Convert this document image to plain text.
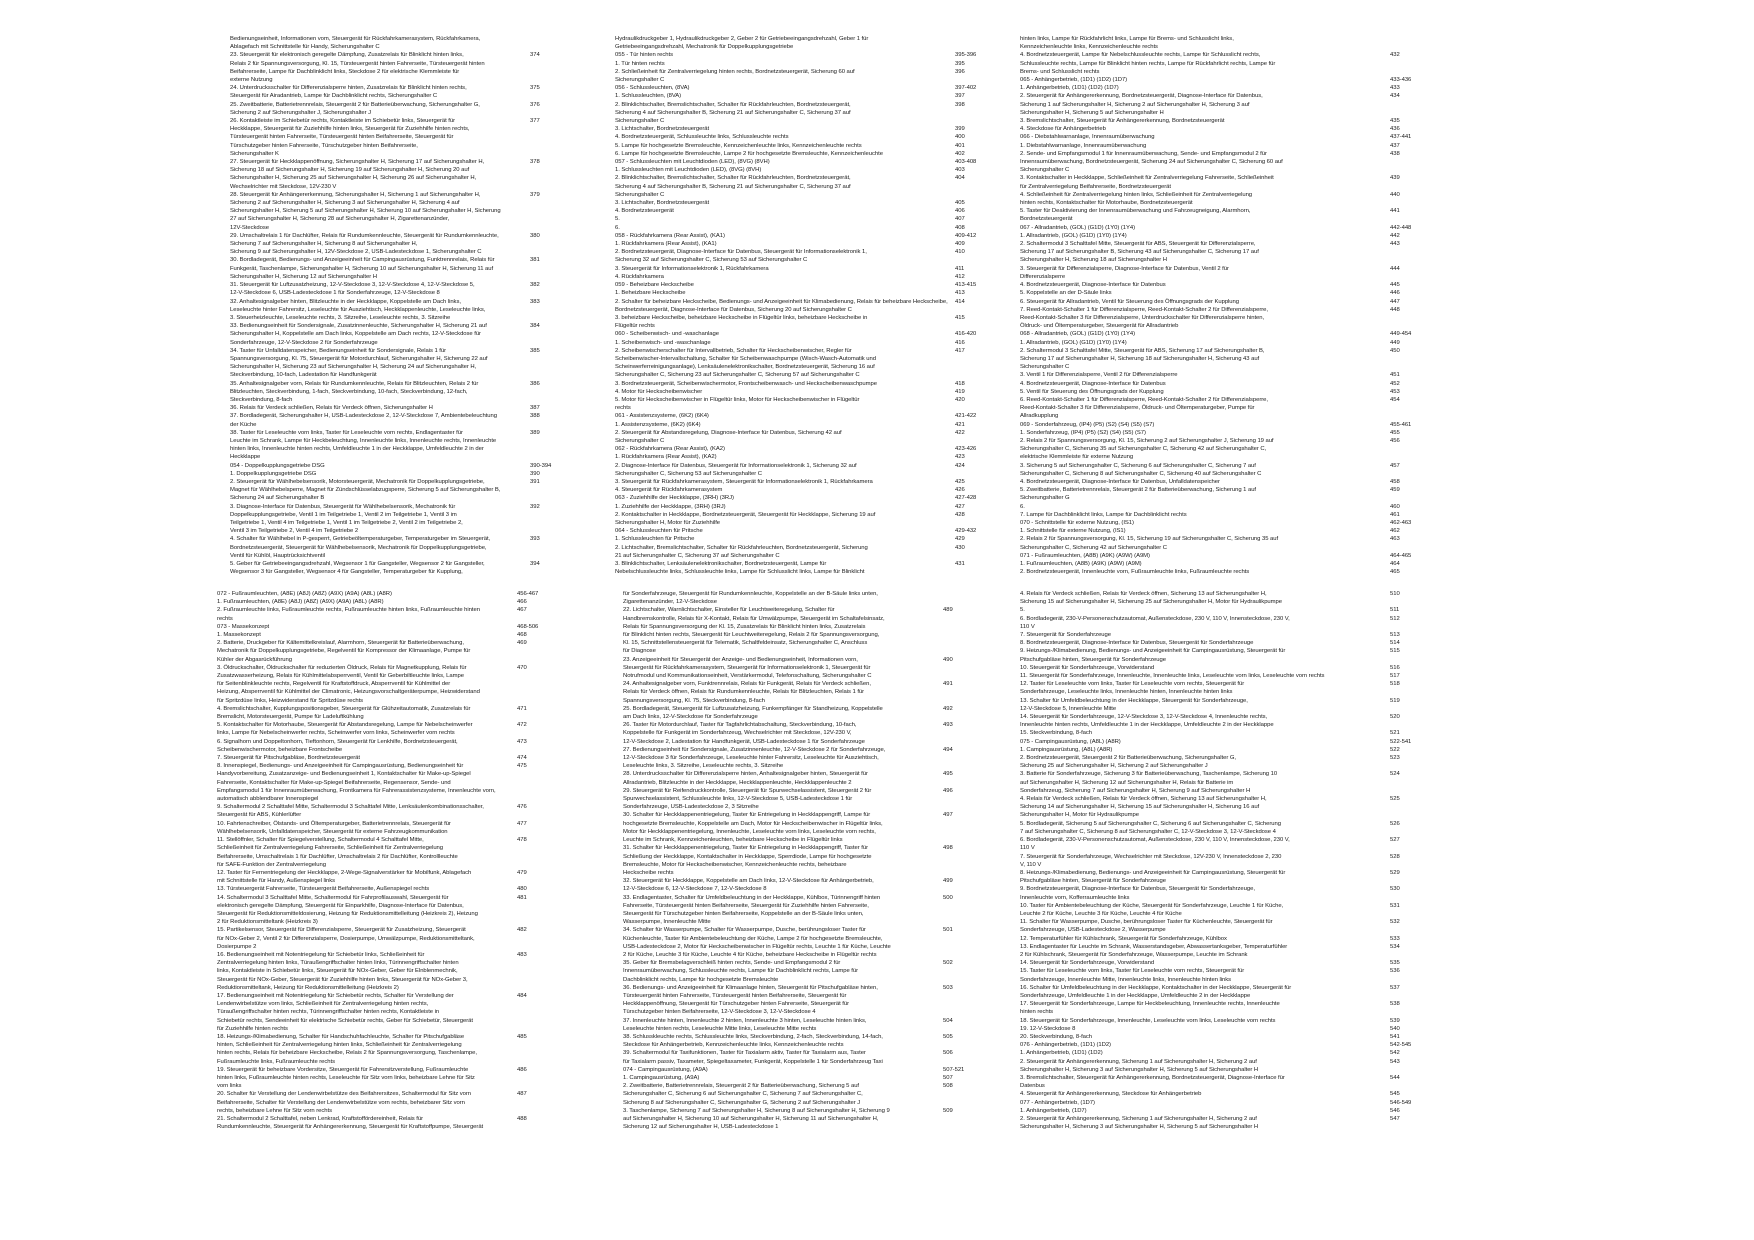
Bedienungseinheit, Informationen vom, Steuergerät für Rückfahrkamerasystem, Rückfahrkamera,
Ablagefach mit Schnittstelle für Handy, Sicherungshalter C
23. Steuergerät für elektronisch geregelte Dämpfung, Zusatzrelais für Blinklicht hinten links,	374
Relais 2 für Spannungsversorgung, Kl. 15, Türsteuergerät hinten Fahrerseite, Türsteuergerät hinten
Beifahrerseite, Lampe für Dachblinklicht links, Steckdose 2 für elektrische Klemmleiste für
externe Nutzung
24. Unterdrucksschalter für Differenzialsperre hinten, Zusatzrelais für Blinklicht hinten rechts,	375
Steuergerät für Airadantrieb, Lampe für Dachblinklicht rechts, Sicherungshalter C
25. Zweitbatterie, Batterietrennrelais, Steuergerät 2 für Batterieüberwachung, Sicherungshalter G,	376
Sicherung 2 auf Sicherungshalter J, Sicherungshalter J
26. Kontaktleiste im Schiebetür rechts, Kontaktleiste im Schiebetür links, Steuergerät für	377
Heckklappe, Steuergerät für Zuziehhilfe hinten links, Steuergerät für Zuziehhilfe hinten rechts,
Türsteuergerät hinten Fahrerseite, Türsteuergerät hinten Beifahrerseite, Steuergerät für
Türschutzgeber hinten Fahrerseite, Türschutzgeber hinten Beifahrerseite,
Sicherungshalter K
27. Steuergerät für Heckklappenöffnung, Sicherungshalter H, Sicherung 17 auf Sicherungshalter H,	378
Sicherung 18 auf Sicherungshalter H, Sicherung 19 auf Sicherungshalter H, Sicherung 20 auf
Sicherungshalter H, Sicherung 25 auf Sicherungshalter H, Sicherung 26 auf Sicherungshalter H,
Wechselrichter mit Steckdose, 12V-230 V
28. Steuergerät für Anhängererkennung, Sicherungshalter H, Sicherung 1 auf Sicherungshalter H,	379
Sicherung 2 auf Sicherungshalter H, Sicherung 3 auf Sicherungshalter H, Sicherung 4 auf
Sicherungshalter H, Sicherung 5 auf Sicherungshalter H, Sicherung 10 auf Sicherungshalter H, Sicherung
27 auf Sicherungshalter H, Sicherung 28 auf Sicherungshalter H, Zigarettenanzünder,
12V-Steckdose
29. Umschaltrelais 1 für Dachlüfter, Relais für Rundumkennleuchte, Steuergerät für Rundumkennleuchte,	380
Sicherung 7 auf Sicherungshalter H, Sicherung 8 auf Sicherungshalter H,
Sicherung 9 auf Sicherungshalter H, 12V-Steckdose 2, USB-Ladesteckdose 1, Sicherungshalter C
30. Bordladegerät, Bedienungs- und Anzeigeeinheit für Campingausrüstung, Funktrennrelais, Relais für	381
Funkgerät, Taschenlampe, Sicherungshalter H, Sicherung 10 auf Sicherungshalter H, Sicherung 11 auf
Sicherungshalter H, Sicherung 12 auf Sicherungshalter H
31. Steuergerät für Luftzusatzheizung, 12-V-Steckdose 3, 12-V-Steckdose 4, 12-V-Steckdose 5,	382
12-V-Steckdose 6, USB-Ladesteckdose 1 für Sonderfahrzeuge, 12-V-Steckdose 8
32. Anhaltesignalgeber hinten, Blitzleuchte in der Heckklappe, Koppelstelle am Dach links,	383
Leseleuchte hinter Fahrersitz, Leseleuchte für Ausziehtisch, Heckklappenleuchte, Leseleuchte links,
3. Steuerheizleuchte, Leseleuchte rechts, 3. Sitzreihe, Leseleuchte rechts, 3. Sitzreihe
33. Bedienungseinheit für Sondersignale, Zusatzinnenleuchte, Sicherungshalter H, Sicherung 21 auf	384
Sicherungshalter H, Koppelstelle am Dach links, Koppelstelle am Dach rechts, 12-V-Steckdose für
Sonderfahrzeuge, 12-V-Steckdose 2 für Sonderfahrzeuge
34. Taster für Unfalldatenspeicher, Bedienungseinheit für Sondersignale, Relais 1 für	385
Spannungsversorgung, Kl. 75, Steuergerät für Motordurchlauf, Sicherungshalter H, Sicherung 22 auf
Sicherungshalter H, Sicherung 23 auf Sicherungshalter H, Sicherung 24 auf Sicherungshalter H,
Steckverbindung, 10-fach, Ladestation für Handfunkgerät
35. Anhaltesignalgeber vorn, Relais für Rundumkennleuchte, Relais für Blitzleuchten, Relais 2 für	386
Blitzleuchten, Steckverbindung, 1-fach, Steckverbindung, 10-fach, Steckverbindung, 12-fach,
Steckverbindung, 8-fach
36. Relais für Verdeck schließen, Relais für Verdeck öffnen, Sicherungshalter H	387
37. Bordladegerät, Sicherungshalter H, USB-Ladesteckdose 2, 12-V-Steckdose 7, Ambientebeleuchtung	388
der Küche
38. Taster für Leseleuchte vorn links, Taster für Leseleuchte vorn rechts, Endlagentaster für	389
Leuchte im Schrank, Lampe für Heckbeleuchtung, Innenleuchte links, Innenleuchte rechts, Innenleuchte
hinten links, Innenleuchte hinten rechts, Umfeldleuchte 1 in der Heckklappe, Umfeldleuchte 2 in der
Heckklappe
054 - Doppelkupplungsgetriebe DSG	390-394
1. Doppelkupplungsgetriebe DSG	390
2. Steuergerät für Wählhebelsensorik, Motorsteuergerät, Mechatronik für Doppelkupplungsgetriebe,	391
Magnet für Wählhebelsperre, Magnet für Zündschlüsselabzugsperre, Sicherung 5 auf Sicherungshalter B,
Sicherung 24 auf Sicherungshalter B
3. Diagnose-Interface für Datenbus, Steuergerät für Wählhebelsensorik, Mechatronik für	392
Doppelkupplungsgetriebe, Ventil 1 im Teilgetriebe 1, Ventil 2 im Teilgetriebe 1, Ventil 3 im
Teilgetriebe 1, Ventil 4 im Teilgetriebe 1, Ventil 1 im Teilgetriebe 2, Ventil 2 im Teilgetriebe 2,
Ventil 3 im Teilgetriebe 2, Ventil 4 im Teilgetriebe 2
4. Schalter für Wählhebel in P-gesperrt, Getriebeöltemperaturgeber, Temperaturgeber im Steuergerät,	393
Bordnetzsteuergerät, Steuergerät für Wählhebelsensorik, Mechatronik für Doppelkupplungsgetriebe,
Ventil für Kühlöl, Hauptrücksichtventil
5. Geber für Getriebeeingangsdrehzahl, Wegsensor 1 für Gangsteller, Wegsensor 2 für Gangsteller,	394
Wegsensor 3 für Gangsteller, Wegsensor 4 für Gangsteller, Temperaturgeber für Kupplung,
Hydraulikdruckgeber 1, Hydraulikdruckgeber 2, Geber 2 für Getriebeeingangsdrehzahl, Geber 1 für
Getriebeeingangsdrehzahl, Mechatronik für Doppelkupplungsgetriebe
055 - Tür hinten rechts	395-396
1. Tür hinten rechts	395
2. Schließeinheit für Zentralverriegelung hinten rechts, Bordnetzsteuergerät, Sicherung 60 auf	396
Sicherungshalter C
056 - Schlussleuchten, (8VA)	397-402
1. Schlussleuchten, (8VA)	397
2. Blinklichtschalter, Bremslichtschalter, Schalter für Rückfahrleuchten, Bordnetzsteuergerät,	398
Sicherung 4 auf Sicherungshalter B, Sicherung 21 auf Sicherungshalter C, Sicherung 37 auf
Sicherungshalter C
3. Lichtschalter, Bordnetzsteuergerät	399
4. Bordnetzsteuergerät, Schlussleuchte links, Schlussleuchte rechts	400
5. Lampe für hochgesetzte Bremsleuchte, Kennzeichenleuchte links, Kennzeichenleuchte rechts	401
6. Lampe für hochgesetzte Bremsleuchte, Lampe 2 für hochgesetzte Bremsleuchte, Kennzeichenleuchte	402
057 - Schlussleuchten mit Leuchtdioden (LED), (8VG) (8VH)	403-408
1. Schlussleuchten mit Leuchtdioden (LED), (8VG) (8VH)	403
2. Blinklichtschalter, Bremslichtschalter, Schalter für Rückfahrleuchten, Bordnetzsteuergerät,	404
Sicherung 4 auf Sicherungshalter B, Sicherung 21 auf Sicherungshalter C, Sicherung 37 auf
Sicherungshalter C
3. Lichtschalter, Bordnetzsteuergerät	405
4. Bordnetzsteuergerät	406
5.	407
6.	408
058 - Rückfahrkamera (Rear Assist), (KA1)	409-412
1. Rückfahrkamera (Rear Assist), (KA1)	409
2. Bordnetzsteuergerät, Diagnose-Interface für Datenbus, Steuergerät für Informationselektronik 1,	410
Sicherung 32 auf Sicherungshalter C, Sicherung 53 auf Sicherungshalter C
3. Steuergerät für Informationselektronik 1, Rückfahrkamera	411
4. Rückfahrkamera	412
059 - Beheizbare Heckscheibe	413-415
1. Beheizbare Heckscheibe	413
2. Schalter für beheizbare Heckscheibe, Bedienungs- und Anzeigeeinheit für Klimabedienung, Relais für beheizbare Heckscheibe,	414
Bordnetzsteuergerät, Diagnose-Interface für Datenbus, Sicherung 20 auf Sicherungshalter C
3. beheizbare Heckscheibe, beheizbare Heckscheibe in Flügeltür links, beheizbare Heckscheibe in	415
Flügeltür rechts
060 - Scheibenwisch- und -waschanlage	416-420
1. Scheibenwisch- und -waschanlage	416
2. Scheibenwischerschalter für Intervallbetrieb, Schalter für Heckscheibenwischer, Regler für	417
Scheibenwischer-Intervallschaltung, Schalter für Scheibenwaschpumpe (Wisch-Wasch-Automatik und
Scheinwerferreinigungsanlage), Lenksäulenelektronikschalter, Bordnetzsteuergerät, Sicherung 16 auf
Sicherungshalter C, Sicherung 23 auf Sicherungshalter C, Sicherung 57 auf Sicherungshalter C
3. Bordnetzsteuergerät, Scheibenwischermotor, Frontscheibenwasch- und Heckscheibenwaschpumpe	418
4. Motor für Heckscheibenwischer	419
5. Motor für Heckscheibenwischer in Flügeltür links, Motor für Heckscheibenwischer in Flügeltür	420
rechts
061 - Assistenzsysteme, (6K2) (6K4)	421-422
1. Assistenzsysteme, (6K2) (6K4)	421
2. Steuergerät für Abstandsregelung, Diagnose-Interface für Datenbus, Sicherung 42 auf	422
Sicherungshalter C
062 - Rückfahrkamera (Rear Assist), (KA2)	423-426
1. Rückfahrkamera (Rear Assist), (KA2)	423
2. Diagnose-Interface für Datenbus, Steuergerät für Informationselektronik 1, Sicherung 32 auf	424
Sicherungshalter C, Sicherung 53 auf Sicherungshalter C
3. Steuergerät für Rückfahrkamerasystem, Steuergerät für Informationselektronik 1, Rückfahrkamera	425
4. Steuergerät für Rückfahrkamerasystem	426
063 - Zuziehhilfe der Heckklappe, (3RH) (3RJ)	427-428
1. Zuziehhilfe der Heckklappe, (3RH) (3RJ)	427
2. Kontaktschalter in Heckklappe, Bordnetzsteuergerät, Steuergerät für Heckklappe, Sicherung 19 auf	428
Sicherungshalter H, Motor für Zuziehhilfe
064 - Schlussleuchten für Pritsche	429-432
1. Schlussleuchten für Pritsche	429
2. Lichtschalter, Bremslichtschalter, Schalter für Rückfahrleuchten, Bordnetzsteuergerät, Sicherung	430
21 auf Sicherungshalter C, Sicherung 37 auf Sicherungshalter C
3. Blinklichtschalter, Lenksäulenelektronikschalter, Bordnetzsteuergerät, Lampe für	431
Nebelschlussleuchte links, Schlussleuchte links, Lampe für Schlusslicht links, Lampe für Blinklicht
hinten links, Lampe für Rückfahrlicht links, Lampe für Brems- und Schlusslicht links,
Kennzeichenleuchte links, Kennzeichenleuchte rechts
4. Bordnetzsteuergerät, Lampe für Nebelschlussleuchte rechts, Lampe für Schlusslicht rechts,	432
Schlussleuchte rechts, Lampe für Blinklicht hinten rechts, Lampe für Rückfahrlicht rechts, Lampe für
Brems- und Schlusslicht rechts
065 - Anhängerbetrieb, (1D1) (1D2) (1D7)	433-436
1. Anhängerbetrieb, (1D1) (1D2) (1D7)	433
2. Steuergerät für Anhängererkennung, Bordnetzsteuergerät, Diagnose-Interface für Datenbus,	434
Sicherung 1 auf Sicherungshalter H, Sicherung 2 auf Sicherungshalter H, Sicherung 3 auf
Sicherungshalter H, Sicherung 5 auf Sicherungshalter H
3. Bremslichtschalter, Steuergerät für Anhängererkennung, Bordnetzsteuergerät	435
4. Steckdose für Anhängerbetrieb	436
066 - Diebstahlwarnanlage, Innenraumüberwachung	437-441
1. Diebstahlwarnanlage, Innenraumüberwachung	437
2. Sende- und Empfangsmodul 1 für Innenraumüberwachung, Sende- und Empfangsmodul 2 für	438
Innenraumüberwachung, Bordnetzsteuergerät, Sicherung 24 auf Sicherungshalter C, Sicherung 60 auf
Sicherungshalter C
3. Kontaktschalter in Heckklappe, Schließeinheit für Zentralverriegelung Fahrerseite, Schließeinheit	439
für Zentralverriegelung Beifahrerseite, Bordnetzsteuergerät
4. Schließeinheit für Zentralverriegelung hinten links, Schließeinheit für Zentralverriegelung	440
hinten rechts, Kontaktschalter für Motorhaube, Bordnetzsteuergerät
5. Taster für Deaktivierung der Innenraumüberwachung und Fahrzeugneigung, Alarmhorn,	441
Bordnetzsteuergerät
067 - Allradantrieb, (GOL) (G1D) (1Y0) (1Y4)	442-448
1. Allradantrieb, (GOL) (G1D) (1Y0) (1Y4)	442
2. Schaltermodul 3 Schalttafel Mitte, Steuergerät für ABS, Steuergerät für Differenzialsperre,	443
Sicherung 17 auf Sicherungshalter B, Sicherung 43 auf Sicherungshalter C, Sicherung 17 auf
Sicherungshalter H, Sicherung 18 auf Sicherungshalter H
3. Steuergerät für Differenzialsperre, Diagnose-Interface für Datenbus, Ventil 2 für	444
Differenzialsperre
4. Bordnetzsteuergerät, Diagnose-Interface für Datenbus	445
5. Koppelstelle an der D-Säule links	446
6. Steuergerät für Allradantrieb, Ventil für Steuerung des Öffnungsgrads der Kupplung	447
7. Reed-Kontakt-Schalter 1 für Differenzialsperre, Reed-Kontakt-Schalter 2 für Differenzialsperre,	448
Reed-Kontakt-Schalter 3 für Differenzialsperre, Unterdruckschalter für Differenzialsperre hinten,
Öldruck- und Öltemperaturgeber, Steuergerät für Allradantrieb
068 - Allradantrieb, (GOL) (G1D) (1Y0) (1Y4)	449-454
1. Allradantrieb, (GOL) (G1D) (1Y0) (1Y4)	449
2. Schaltermodul 3 Schalttafel Mitte, Steuergerät für ABS, Sicherung 17 auf Sicherungshalter B,	450
Sicherung 17 auf Sicherungshalter H, Sicherung 18 auf Sicherungshalter H, Sicherung 43 auf
Sicherungshalter C
3. Ventil 1 für Differenzialsperre, Ventil 2 für Differenzialsperre	451
4. Bordnetzsteuergerät, Diagnose-Interface für Datenbus	452
5. Ventil für Steuerung des Öffnungsgrads der Kupplung	453
6. Reed-Kontakt-Schalter 1 für Differenzialsperre, Reed-Kontakt-Schalter 2 für Differenzialsperre,	454
Reed-Kontakt-Schalter 3 für Differenzialsperre, Öldruck- und Öltemperaturgeber, Pumpe für
Allradkupplung
069 - Sonderfahrzeug, (IP4) (P5) (S2) (S4) (S5) (S7)	455-461
1. Sonderfahrzeug, (IP4) (P5) (S2) (S4) (S5) (S7)	455
2. Relais 2 für Spannungsversorgung, Kl. 15, Sicherung 2 auf Sicherungshalter J, Sicherung 19 auf	456
Sicherungshalter C, Sicherung 35 auf Sicherungshalter C, Sicherung 42 auf Sicherungshalter C,
elektrische Klemmleiste für externe Nutzung
3. Sicherung 5 auf Sicherungshalter C, Sicherung 6 auf Sicherungshalter C, Sicherung 7 auf	457
Sicherungshalter C, Sicherung 8 auf Sicherungshalter C, Sicherung 40 auf Sicherungshalter C
4. Bordnetzsteuergerät, Diagnose-Interface für Datenbus, Unfalldatenspeicher	458
5. Zweitbatterie, Batterietrennrelais, Steuergerät 2 für Batterieüberwachung, Sicherung 1 auf	459
Sicherungshalter G
6.	460
7. Lampe für Dachblinklicht links, Lampe für Dachblinklicht rechts	461
070 - Schnittstelle für externe Nutzung, (IS1)	462-463
1. Schnittstelle für externe Nutzung, (IS1)	462
2. Relais 2 für Spannungsversorgung, Kl. 15, Sicherung 19 auf Sicherungshalter C, Sicherung 35 auf	463
Sicherungshalter C, Sicherung 42 auf Sicherungshalter C
071 - Fußraumleuchten, (A8B) (A9K) (A9W) (A9M)	464-465
1. Fußraumleuchten, (A8B) (A9K) (A9W) (A9M)	464
2. Bordnetzsteuergerät, Innenleuchte vorn, Fußraumleuchte links, Fußraumleuchte rechts	465
072 - Fußraumleuchten, (A8E) (A8J) (A8Z) (A9X) (A9A) (A8L) (A8R)	456-467
1. Fußraumleuchten, (A8E) (A8J) (A8Z) (A9X) (A9A) (A8L) (A8R)	466
2. Fußraumleuchte links, Fußraumleuchte rechts, Fußraumleuchte hinten links, Fußraumleuchte hinten	467
rechts
073 - Massekonzept	468-506
1. Massekonzept	468
2. Batterie, Druckgeber für Kältemittelkreislauf, Alarmhorn, Steuergerät für Batterieüberwachung,	469
Mechatronik für Doppelkupplungsgetriebe, Regelventil für Kompressor der Klimaanlage, Pumpe für
Kühler der Abgasrückführung
3. Öldruckschalter, Öldruckschalter für reduzierten Öldruck, Relais für Magnetkupplung, Relais für	470
Zusatzwasserheizung, Relais für Kühlmittelabsperrventil, Ventil für Geberbiltleuchte links, Lampe
für Seitenblinkleuchte rechts, Regelventil für Kraftstoffdruck, Absperrventil für Kühlmittel der
Heizung, Absperrventil für Kühlmittel der Climatronic, Heizungsvorschaltgeräterpumpe, Heizwiderstand
für Spritzdüse links, Heizwiderstand für Spritzdüse rechts
4. Bremslichtschalter, Kupplungspositionsgeber, Steuergerät für Glühzeitautomatik, Zusatzrelais für	471
Bremslicht, Motorsteuergerät, Pumpe für Ladeluftkühlung
5. Kontaktschalter für Motorhaube, Steuergerät für Abstandsregelung, Lampe für Nebelscheinwerfer	472
links, Lampe für Nebelscheinwerfer rechts, Scheinwerfer vorn links, Scheinwerfer vorn rechts
6. Signalhorn und Doppeltonhorn, Tieftonhorn, Steuergerät für Lenkhilfe, Bordnetzsteuergerät,	473
Scheibenwischermotor, beheizbare Frontscheibe
7. Steuergerät für Pitschufgabläse, Bordnetzsteuergerät	474
8. Innenspiegel, Bedienungs- und Anzeigeeinheit für Campingausrüstung, Bedienungseinheit für	475
Handyvorbereitung, Zusatzanzeige- und Bedienungseinheit 1, Kontaktschalter für Make-up-Spiegel
Fahrerseite, Kontaktschalter für Make-up-Spiegel Beifahrerseite, Regensensor, Sende- und
Empfangsmodul 1 für Innenraumüberwachung, Frontkamera für Fahrerassistenzsysteme, Innenleuchte vorn,
automatisch abblendbarer Innenspiegel
9. Schaltermodul 2 Schalttafel Mitte, Schaltermodul 3 Schalttafel Mitte, Lenksäulenkombinationsschalter,	476
Steuergerät für ABS, Kühlerlüfter
10. Fahrtenschreiber, Ölstands- und Öltemperaturgeber, Batterietrennrelais, Steuergerät für	477
Wählhebelsensorik, Unfalldatenspeicher, Steuergerät für externe Fahrzeugkommunikation
11. Stellöffnler, Schalter für Spiegelverstellung, Schaltermodul 4 Schalttafel Mitte,	478
Schließeinheit für Zentralverriegelung Fahrerseite, Schließeinheit für Zentralverriegelung
Beifahrerseite, Umschaltrelais 1 für Dachlüfter, Umschaltrelais 2 für Dachlüfter, Kontrollleuchte
für SAFE-Funktion der Zentralverriegelung
12. Taster für Fernentriegelung der Heckklappe, 2-Wege-Signalverstärker für Mobilfunk, Ablagefach	479
mit Schnittstelle für Handy, Außenspiegel links
13. Türsteuergerät Fahrerseite, Türsteuergerät Beifahrerseite, Außenspiegel rechts	480
14. Schaltermodul 3 Schalttafel Mitte, Schaltermodul für Fahrprofilauswahl, Steuergerät für	481
elektronisch geregelte Dämpfung, Steuergerät für Einparkhilfe, Diagnose-Interface für Datenbus,
Steuergerät für Reduktionsmitteldosierung, Heizung für Reduktionsmittelleitung (Heizkreis 2), Heizung
2 für Reduktionsmitteltank (Heizkreis 3)
15. Partikelsensor, Steuergerät für Differenzialsperre, Steuergerät für Zusatzheizung, Steuergerät	482
für NOx-Geber 2, Ventil 2 für Differenzialsperre, Dosierpumpe, Umwälzpumpe, Reduktionsmitteltank,
Dosierpumpe 2
16. Bedienungseinheit mit Notentriegelung für Schiebetür links, Schließeinheit für	483
Zentralverriegelung hinten links, Türaußengriffschalter hinten links, Türinnengriffschalter hinten
links, Kontaktleiste in Schiebetür links, Steuergerät für NOx-Geber, Geber für Elnblenmechnik,
Steuergerät für NOx-Geber, Steuergerät für Zuziehhilfe hinten links, Steuergerät für NOx-Geber 3,
Reduktionsmitteltank, Heizung für Reduktionsmittelleitung (Heizkreis 2)
17. Bedienungseinheit mit Notentriegelung für Schiebetür rechts, Schalter für Verstellung der	484
Lendenwirbelstütze vorn links, Schließeinheit für Zentralverriegelung hinten rechts,
Türaußengriffschalter hinten rechts, Türinnengriffschalter hinten rechts, Kontaktleiste in
Schiebetür rechts, Sendeeinheit für elektrische Schiebetür rechts, Geber für Schiebetür, Steuergerät
für Zuziehhilfe hinten rechts
18. Heizungs-/Klimabedienung, Schalter für Handschuhfachleuchte, Schalter für Pitschufgabläse	485
hinten, Schließeinheit für Zentralverriegelung hinten links, Schließeinheit für Zentralverriegelung
hinten rechts, Relais für beheizbare Heckscheibe, Relais 2 für Spannungsversorgung, Taschenlampe,
Fußraumleuchte links, Fußraumleuchte rechts
19. Steuergerät für beheizbare Vordersitze, Steuergerät für Fahrersitzverstellung, Fußraumleuchte	486
hinten links, Fußraumleuchte hinten rechts, Leseleuchte für Sitz vorn links, beheizbare Lehne für Sitz
vorn links
20. Schalter für Verstellung der Lendenwirbelstütze des Beifahrersitzes, Schaltermodul für Sitz vorn	487
Beifahrerseite, Schalter für Verstellung der Lendenwirbelstütze vorn rechts, beheizbarer Sitz vorn
rechts, beheizbare Lehne für Sitz vorn rechts
21. Schaltermodul 2 Schalttafel, neben Lenkrad, Kraftstoffördereinheit, Relais für	488
Rundumkennleuchte, Steuergerät für Anhängererkennung, Steuergerät für Kraftstoffpumpe, Steuergerät
für Sonderfahrzeuge, Steuergerät für Rundumkennleuchte, Koppelstelle an der B-Säule links unten,
Zigarettenanzünder, 12-V-Steckdose
22. Lichtschalter, Warnlichtschalter, Einsteller für Leuchtweiteregelung, Schalter für	489
Handbremskontrolle, Relais für X-Kontakt, Relais für Umwälzpumpe, Steuergerät im Schaltafelsinsatz,
Relais für Spannungsversorgung der Kl. 15, Zusatzrelais für Blinklicht hinten links, Zusatzrelais
für Blinklicht hinten rechts, Steuergerät für Leuchtweiteregelung, Relais 2 für Spannungsversorgung,
Kl. 15, Schnittstellensteuergerät für Telematik, Schaltfeldeinsatz, Sicherungshalter C, Anschluss
für Diagnose
23. Anzeigeeinheit für Steuergerät der Anzeige- und Bedienungseinheit, Informationen vorn,	490
Steuergerät für Rückfahrkamerasystem, Steuergerät für Informationselektronik 1, Steuergerät für
Notrufmodul und Kommunikationseinheit, Verstärkermodul, Telefonschaltung, Sicherungshalter C
24. Anhaltesignalgeber vorn, Funktrennrelais, Relais für Funkgerät, Relais für Verdeck schließen,	491
Relais für Verdeck öffnen, Relais für Rundumkennleuchte, Relais für Blitzleuchten, Relais 1 für
Spannungsversorgung, Kl. 75, Steckverbindung, 8-fach
25. Bordladegerät, Steuergerät für Luftzusatzheizung, Funkempfänger für Standheizung, Koppelstelle	492
am Dach links, 12-V-Steckdose für Sonderfahrzeuge
26. Taster für Motordurchlauf, Taster für Tagfahrlichtabschaltung, Steckverbindung, 10-fach,	493
Koppelstelle für Funkgerät im Sonderfahrzeug, Wechselrichter mit Steckdose, 12V-230 V,
12-V-Steckdose 2, Ladestation für Handfunkgerät, USB-Ladesteckdose 1 für Sonderfahrzeuge
27. Bedienungseinheit für Sondersignale, Zusatzinnenleuchte, 12-V-Steckdose 2 für Sonderfahrzeuge,	494
12-V-Steckdose 3 für Sonderfahrzeuge, Leseleuchte hinter Fahrersitz, Leseleuchte für Ausziehtisch,
Leseleuchte links, 3. Sitzreihe, Leseleuchte rechts, 3. Sitzreihe
28. Unterdrucksschalter für Differenzialsperre hinten, Anhaltesignalgeber hinten, Steuergerät für	495
Allradantrieb, Blitzleuchte in der Heckklappe, Heckklappenleuchte, Heckklappenleuchte 2
29. Steuergerät für Reifendruckkontrolle, Steuergerät für Spurwechselassistent, Steuergerät 2 für	496
Spurwechselassistent, Schlussleuchte links, 12-V-Steckdose 5, USB-Ladesteckdose 1 für
Sonderfahrzeuge, USB-Ladesteckdose 2, 3 Sitzreihe
30. Schalter für Heckklappenentriegelung, Taster für Entriegelung in Heckklappengriff, Lampe für	497
hochgesetzte Bremsleuchte, Koppelstelle am Dach, Motor für Heckscheibenwischer in Flügeltür links,
Motor für Heckklappenentriegelung, Innenleuchte, Leseleuchte vorn links, Leseleuchte vorn rechts,
Leuchte im Schrank, Kennzeichenleuchten, beheizbare Heckscheibe in Flügeltür links
31. Schalter für Heckklappenentriegelung, Taster für Entriegelung in Heckklappengriff, Taster für	498
Schließung der Heckklappe, Kontaktschalter in Heckklappe, Sperrdiode, Lampe für hochgesetzte
Bremsleuchte, Motor für Heckscheibenwischer, Kennzeichenleuchte rechts, beheizbare
Heckscheibe rechts
32. Steuergerät für Heckklappe, Koppelstelle am Dach links, 12-V-Steckdose für Anhängerbetrieb,	499
12-V-Steckdose 6, 12-V-Steckdose 7, 12-V-Steckdose 8
33. Endlagentaster, Schalter für Umfeldbeleuchtung in der Heckklappe, Kühlbox, Türinnengriff hinten	500
Fahrerseite, Türsteuergerät hinten Beifahrerseite, Steuergerät für Zuziehhilfe hinten Fahrerseite,
Steuergerät für Türschutzgeber hinten Beifahrerseite, Koppelstelle an der B-Säule links unten,
Wasserpumpe, Innenleuchte Mitte
34. Schalter für Wasserpumpe, Schalter für Wasserpumpe, Dusche, berührungsloser Taster für	501
Küchenleuchte, Taster für Ambientebeleuchtung der Küche, Lampe 2 für hochgesetzte Bremsleuchte,
USB-Ladesteckdose 2, Motor für Heckscheibenwischer in Flügeltür rechts, Leuchte 1 für Küche, Leuchte
2 für Küche, Leuchte 3 für Küche, Leuchte 4 für Küche, beheizbare Heckscheibe in Flügeltür rechts
35. Geber für Bremsbelagverschleiß hinten rechts, Sende- und Empfangsmodul 2 für	502
Innenraumüberwachung, Schlussleuchte rechts, Lampe für Dachblinklicht rechts, Lampe für
Dachblinklicht rechts, Lampe für hochgesetzte Bremsleuchte
36. Bedienungs- und Anzeigeeinheit für Klimaanlage hinten, Steuergerät für Pitschufgabläse hinten,	503
Türsteuergerät hinten Fahrerseite, Türsteuergerät hinten Beifahrerseite, Steuergerät für
Heckklappenöffnung, Steuergerät für Türschutzgeber hinten Fahrerseite, Steuergerät für
Türschutzgeber hinten Beifahrerseite, 12-V-Steckdose 3, 12-V-Steckdose 4
37. Innenleuchte hinten, Innenleuchte 2 hinten, Innenleuchte 3 hinten, Leseleuchte hinten links,	504
Leseleuchte hinten rechts, Leseleuchte Mitte links, Leseleuchte Mitte rechts
38. Schlusskleuchte rechts, Schlussleuchte links, Steckverbindung, 2-fach, Steckverbindung, 14-fach,	505
Steckdose für Anhängerbetrieb, Kennzeichenleuchte links, Kennzeichenleuchte rechts
39. Schaltermodul für Taxifunktionen, Taster für Taxialarm aktiv, Taster für Taxialarm aus, Taster	506
für Taxialarm passiv, Taxameter, Spiegeltaxameter, Funkgerät, Koppelstelle 1 für Sonderfahrzeug Taxi
074 - Campingausrüstung, (A9A)	507-521
1. Campingausrüstung, (A9A)	507
2. Zweitbatterie, Batterietrennrelais, Steuergerät 2 für Batterieüberwachung, Sicherung 5 auf	508
Sicherungshalter C, Sicherung 6 auf Sicherungshalter C, Sicherung 7 auf Sicherungshalter C,
Sicherung 8 auf Sicherungshalter C, Sicherungshalter G, Sicherung 2 auf Sicherungshalter J
3. Taschenlampe, Sicherung 7 auf Sicherungshalter H, Sicherung 8 auf Sicherungshalter H, Sicherung 9	509
auf Sicherungshalter H, Sicherung 10 auf Sicherungshalter H, Sicherung 11 auf Sicherungshalter H,
Sicherung 12 auf Sicherungshalter H, USB-Ladesteckdose 1
4. Relais für Verdeck schließen, Relais für Verdeck öffnen, Sicherung 13 auf Sicherungshalter H,	510
Sicherung 15 auf Sicherungshalter H, Sicherung 25 auf Sicherungshalter H, Motor für Hydraulikpumpe
5.	511
6. Bordladegerät, 230-V-Personenschutzautomat, Außensteckdose, 230 V, 110 V, Innensteckdose, 230 V,	512
110 V
7. Steuergerät für Sonderfahrzeuge	513
8. Bordnetzsteuergerät, Diagnose-Interface für Datenbus, Steuergerät für Sonderfahrzeuge	514
9. Heizungs-/Klimabedienung, Bedienungs- und Anzeigeeinheit für Campingausrüstung, Steuergerät für	515
Pitschufgabläse hinten, Steuergerät für Sonderfahrzeuge
10. Steuergerät für Sonderfahrzeuge, Vorwiderstand	516
11. Steuergerät für Sonderfahrzeuge, Innenleuchte, Innenleuchte links, Leseleuchte vorn links, Leseleuchte vorn rechts	517
12. Taster für Leseleuchte vorn links, Taster für Leseleuchte vorn rechts, Steuergerät für	518
Sonderfahrzeuge, Leseleuchte links, Innenleuchte hinten, Innenleuchte hinten links
13. Schalter für Umfeldbeleuchtung in der Heckklappe, Steuergerät für Sonderfahrzeuge,	519
12-V-Steckdose 5, Innenleuchte Mitte
14. Steuergerät für Sonderfahrzeuge, 12-V-Steckdose 3, 12-V-Steckdose 4, Innenleuchte rechts,	520
Innenleuchte hinten rechts, Umfeldleuchte 1 in der Heckklappe, Umfeldleuchte 2 in der Heckklappe
15. Steckverbindung, 8-fach	521
075 - Campingausrüstung, (A8L) (A8R)	522-541
1. Campingausrüstung, (A8L) (A8R)	522
2. Bordnetzsteuergerät, Steuergerät 2 für Batterieüberwachung, Sicherungshalter G,	523
Sicherung 25 auf Sicherungshalter H, Sicherung 2 auf Sicherungshalter J
3. Batterie für Sonderfahrzeuge, Sicherung 3 für Batterieüberwachung, Taschenlampe, Sicherung 10	524
auf Sicherungshalter H, Sicherung 12 auf Sicherungshalter H, Relais für Batterie im
Sonderfahrzeug, Sicherung 7 auf Sicherungshalter H, Sicherung 9 auf Sicherungshalter H
4. Relais für Verdeck schließen, Relais für Verdeck öffnen, Sicherung 13 auf Sicherungshalter H,	525
Sicherung 14 auf Sicherungshalter H, Sicherung 15 auf Sicherungshalter H, Sicherung 16 auf
Sicherungshalter H, Motor für Hydraulikpumpe
5. Bordladegerät, Sicherung 5 auf Sicherungshalter C, Sicherung 6 auf Sicherungshalter C, Sicherung	526
7 auf Sicherungshalter C, Sicherung 8 auf Sicherungshalter C, 12-V-Steckdose 3, 12-V-Steckdose 4
6. Bordladegerät, 230-V-Personenschutzautomat, Außensteckdose, 230 V, 110 V, Innensteckdose, 230 V,	527
110 V
7. Steuergerät für Sonderfahrzeuge, Wechselrichter mit Steckdose, 12V-230 V, Innensteckdose 2, 230	528
V, 110 V
8. Heizungs-/Klimabedienung, Bedienungs- und Anzeigeeinheit für Campingausrüstung, Steuergerät für	529
Pitschufgabläse hinten, Steuergerät für Sonderfahrzeuge
9. Bordnetzsteuergerät, Diagnose-Interface für Datenbus, Steuergerät für Sonderfahrzeuge,	530
Innenleuchte vorn, Kofferraumleuchte links
10. Taster für Ambientebeleuchtung der Küche, Steuergerät für Sonderfahrzeuge, Leuchte 1 für Küche,	531
Leuchte 2 für Küche, Leuchte 3 für Küche, Leuchte 4 für Küche
11. Schalter für Wasserpumpe, Dusche, berührungsloser Taster für Küchenleuchte, Steuergerät für	532
Sonderfahrzeuge, USB-Ladesteckdose 2, Wasserpumpe
12. Temperaturfühler für Kühlschrank, Steuergerät für Sonderfahrzeuge, Kühlbox	533
13. Endlagentaster für Leuchte im Schrank, Wasserstandsgeber, Abwassertanksgeber, Temperaturfühler	534
2 für Kühlschrank, Steuergerät für Sonderfahrzeuge, Wasserpumpe, Leuchte im Schrank
14. Steuergerät für Sonderfahrzeuge, Vorwiderstand	535
15. Taster für Leseleuchte vorn links, Taster für Leseleuchte vorn rechts, Steuergerät für	536
Sonderfahrzeuge, Innenleuchte Mitte, Innenleuchte links, Innenleuchte hinten links
16. Schalter für Umfeldbeleuchtung in der Heckklappe, Kontaktschalter in der Heckklappe, Steuergerät für	537
Sonderfahrzeuge, Umfeldleuchte 1 in der Heckklappe, Umfeldleuchte 2 in der Heckklappe
17. Steuergerät für Sonderfahrzeuge, Lampe für Heckbeleuchtung, Innenleuchte rechts, Innenleuchte	538
hinten rechts
18. Steuergerät für Sonderfahrzeuge, Innenleuchte, Leseleuchte vorn links, Leseleuchte vorn rechts	539
19. 12-V-Steckdose 8	540
20. Steckverbindung, 8-fach	541
076 - Anhängerbetrieb, (1D1) (1D2)	542-545
1. Anhängerbetrieb, (1D1) (1D2)	542
2. Steuergerät für Anhängererkennung, Sicherung 1 auf Sicherungshalter H, Sicherung 2 auf	543
Sicherungshalter H, Sicherung 3 auf Sicherungshalter H, Sicherung 5 auf Sicherungshalter H
3. Bremslichtschalter, Steuergerät für Anhängererkennung, Bordnetzsteuergerät, Diagnose-Interface für	544
Datenbus
4. Steuergerät für Anhängererkennung, Steckdose für Anhängerbetrieb	545
077 - Anhängerbetrieb, (1D7)	546-549
1. Anhängerbetrieb, (1D7)	546
2. Steuergerät für Anhängererkennung, Sicherung 1 auf Sicherungshalter H, Sicherung 2 auf	547
Sicherungshalter H, Sicherung 3 auf Sicherungshalter H, Sicherung 5 auf Sicherungshalter H
